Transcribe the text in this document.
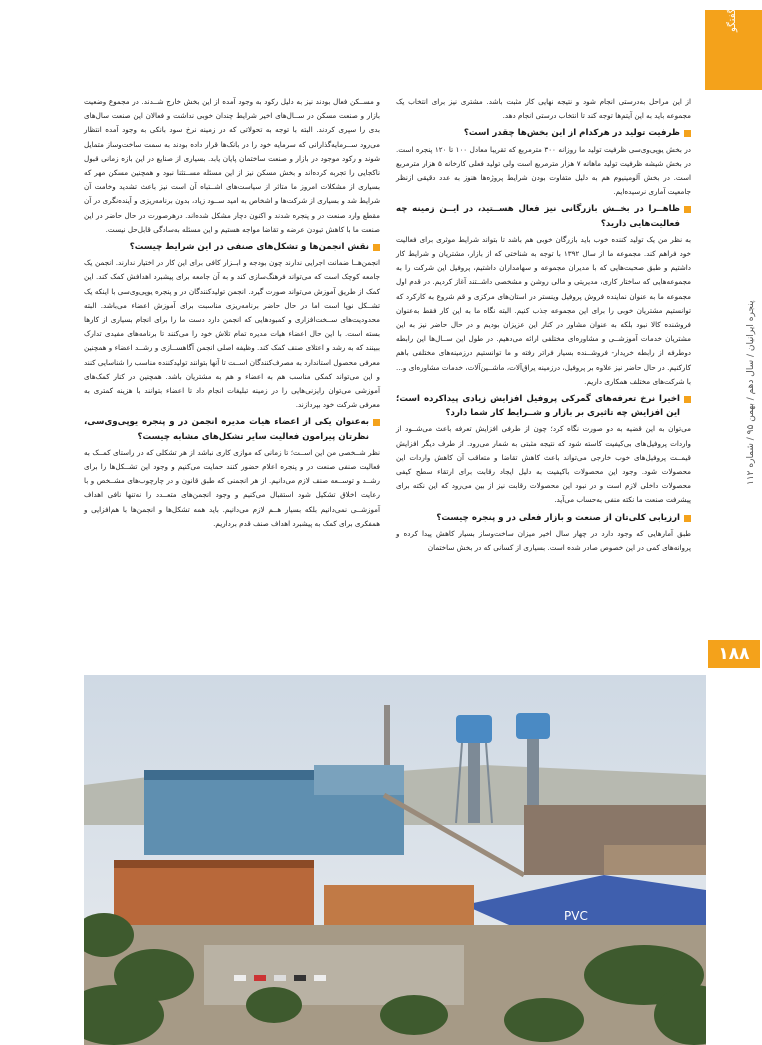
گفتگو
پنجره ایرانیان / سال دهم / بهمن ۹۵ / شماره ۱۱۲
۱۸۸

از این مراحل به‌درستی انجام شود و نتیجه نهایی کار مثبت باشد. مشتری نیز برای انتخاب یک مجموعه باید به این آیتم‌ها توجه کند تا انتخاب درستی انجام دهد.

ظرفیت تولید در هرکدام از این بخش‌ها چقدر است؟

در بخش یوپی‌وی‌سی ظرفیت تولید ما روزانه ۳۰۰ مترمربع که تقریبا معادل ۱۰۰ تا ۱۲۰ پنجره است. در بخش شیشه ظرفیت تولید ماهانه ۷ هزار مترمربع است ولی تولید فعلی کارخانه ۵ هزار مترمربع است. در بخش آلومینیوم هم به دلیل متفاوت بودن شرایط پروژه‌ها هنوز به عدد دقیقی ازنظر جامعیت آماری نرسیده‌ایم.

ظاهــرا در بخــش بازرگانی نیز فعال هســتید، در ایــن زمینه چه فعالیت‌هایی دارید؟

به نظر من یک تولید کننده خوب باید بازرگان خوبی هم باشد تا بتواند شرایط موثری برای فعالیت خود فراهم کند. مجموعه ما از سال ۱۳۹۲ با توجه به شناختی که از بازار، مشتریان و شرایط کار داشتیم و طبق صحبت‌هایی که با مدیران مجموعه و سهامداران داشتیم، پروفیل این شرکت را به مجموعه‌هایی که ساختار کاری، مدیریتی و مالی روشن و مشخصی داشــتند آغاز کردیم. در قدم اول مجموعه ما به عنوان نماینده فروش پروفیل وینستر در استان‌های مرکزی و قم شروع به کارکرد که توانستیم مشتریان خوبی را برای این مجموعه جذب کنیم. البته نگاه ما به این کار فقط به‌عنوان فروشنده کالا نبود بلکه به عنوان مشاور در کنار این عزیزان بودیم و در حال حاضر نیز به این مشتریان خدمات آموزشــی و مشاوره‌ای مختلفی ارائه می‌دهیم. در طول این ســال‌ها این رابطه دوطرفه از رابطه خریدار- فروشــنده بسیار فراتر رفته و ما توانستیم درزمینه‌های مختلفی باهم کارکنیم. در حال حاضر نیز علاوه بر پروفیل، درزمینه یراق‌آلات، ماشــین‌آلات، خدمات مشاوره‌ای و... با شرکت‌های مختلف همکاری داریم.

اخیرا نرخ تعرفه‌های گمرکی پروفیل افزایش زیادی پیداکرده است؛ این افزایش چه تاثیری بر بازار و شــرایط کار شما دارد؟

می‌توان به این قضیه به دو صورت نگاه کرد؛ چون از طرفی افزایش تعرفه باعث می‌شــود از واردات پروفیل‌های بی‌کیفیت کاسته شود که نتیجه مثبتی به شمار می‌رود. از طرف دیگر افزایش قیمــت پروفیل‌های خوب خارجی می‌تواند باعث کاهش تقاضا و متعاقب آن کاهش واردات این محصولات شود. وجود این محصولات باکیفیت به دلیل ایجاد رقابت برای ارتقاء سطح کیفی محصولات داخلی لازم است و در نبود این محصولات رقابت نیز از بین می‌رود که این نکته برای پیشرفت صنعت ما نکته منفی به‌حساب می‌آید.

ارزیابی کلی‌تان از صنعت و بازار فعلی در و پنجره چیست؟

طبق آمارهایی که وجود دارد در چهار سال اخیر میزان ساخت‌وساز بسیار کاهش پیدا کرده و پروانه‌های کمی در این خصوص صادر شده است. بسیاری از کسانی که در بخش ساختمان

و مســکن فعال بودند نیز به دلیل رکود به وجود آمده از این بخش خارج شــدند. در مجموع وضعیت بازار و صنعت مسکن در ســال‌های اخیر شرایط چندان خوبی نداشت و فعالان این صنعت سال‌های بدی را سپری کردند. البته با توجه به تحولاتی که در زمینه نرخ سود بانکی به وجود آمده انتظار می‌رود ســرمایه‌گذارانی که سرمایه خود را در بانک‌ها قرار داده بودند به سمت ساخت‌وساز متمایل شوند و رکود موجود در بازار و صنعت ساختمان پایان یابد. بسیاری از صنایع در این بازه زمانی قبول ناکجایی را تجربه کرده‌اند و بخش مسکن نیز از این مسئله مســتثنا نبود و همچنین مسکن مهر که بسیاری از مشکلات امروز ما متاثر از سیاست‌های اشــتباه آن است نیز باعث تشدید وخامت آن شرایط شد و بسیاری از شرکت‌ها و اشخاص به امید ســود زیاد، بدون برنامه‌ریزی و آینده‌نگری در آن مقطع وارد صنعت در و پنجره شدند و اکنون دچار مشکل شده‌اند. درهرصورت در حال حاضر در این صنعت ما با کاهش تبودن عرضه و تقاضا مواجه هستیم و این مسئله به‌سادگی قابل‌حل نیست.

نقش انجمن‌ها و تشکل‌های صنفی در این شرایط چیست؟

انجمن‌هــا ضمانت اجرایی ندارند چون بودجه و ابــزار کافی برای این کار در اختیار ندارند. انجمن یک جامعه کوچک است که می‌تواند فرهنگ‌سازی کند و به آن جامعه برای پیشبرد اهدافش کمک کند. این کمک از طریق آموزش می‌تواند صورت گیرد. انجمن تولیدکنندگان در و پنجره یوپی‌وی‌سی با اینکه یک تشــکل نوپا است اما در حال حاضر برنامه‌ریزی مناسبت برای آموزش اعضاء می‌باشد. البته محدودیت‌های ســخت‌افزاری و کمبودهایی که انجمن دارد دست ما را برای انجام بسیاری از کارها بسته است. با این حال اعضاء هیات مدیره تمام تلاش خود را می‌کنند تا برنامه‌های مفیدی تدارک ببینند که به رشد و اعتلای صنف کمک کند. وظیفه اصلی انجمن آگاهســازی و رشــد اعضاء و همچنین معرفی محصول استاندارد به مصرف‌کنندگان اســت تا آنها بتوانند تولیدکننده مناسب را شناسایی کنند و این می‌تواند کمکی مناسب هم به اعضاء و هم به مشتریان باشد. همچنین در کنار کمک‌های آموزشی می‌توان رایزنی‌هایی را در زمینه تبلیغات انجام داد تا اعضاء بتوانند با هزینه کمتری به معرفی شرکت خود بپردازند.

به‌عنوان یکی از اعضاء هیات مدیره انجمن در و پنجره یوپی‌وی‌سی، نظرتان پیرامون فعالیت سایر تشکل‌های مشابه چیست؟

نظر شــخصی من این اســت؛ تا زمانی که موازی کاری نباشد از هر تشکلی که در راستای کمــک به فعالیت صنفی صنعت در و پنجره اعلام حضور کنند حمایت می‌کنیم و وجود این تشــکل‌ها را برای رشــد و توســعه صنف لازم می‌دانیم. از هر انجمنی که طبق قانون و در چارچوب‌های مشــخص و با رعایت اخلاق تشکیل شود استقبال می‌کنیم و وجود انجمن‌های متعــدد را نه‌تنها نافی اهداف آموزشــی نمی‌دانیم بلکه بسیار هــم لازم می‌دانیم. باید همه تشکل‌ها و انجمن‌ها با هم‌افزایی و همفکری برای کمک به پیشبرد اهداف صنف قدم برداریم.

PVC
